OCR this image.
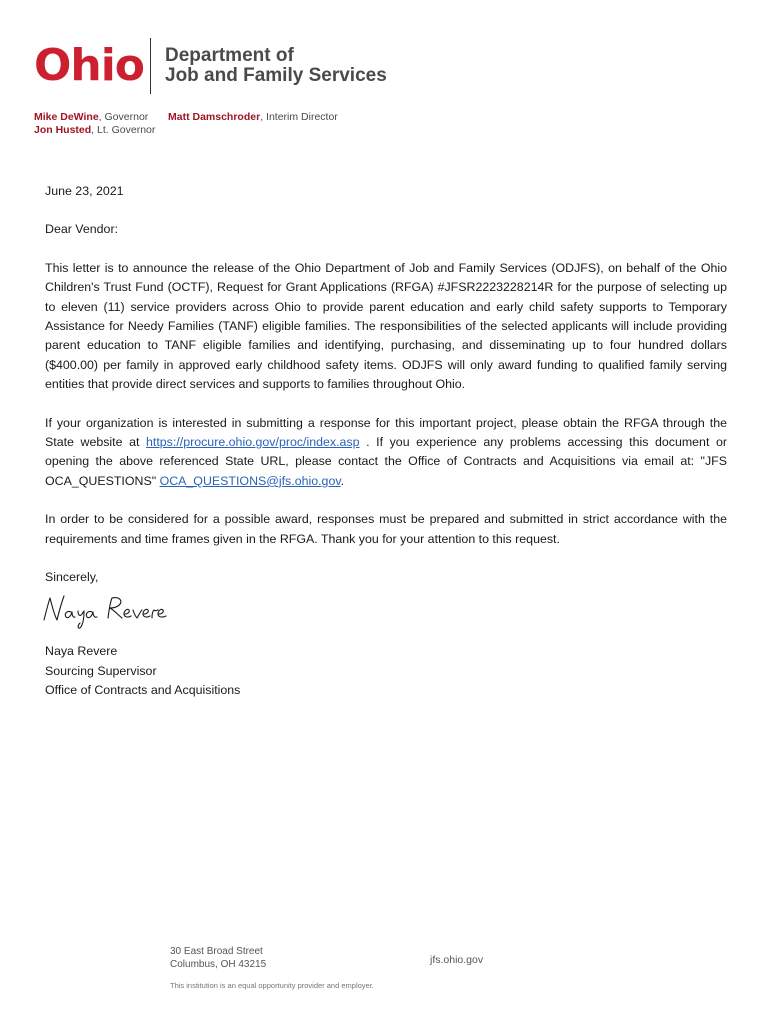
Ohio Department of
Job and Family Services
Mike DeWine, Governor
Jon Husted, Lt. Governor
Matt Damschroder, Interim Director

June 23, 2021

Dear Vendor:

This letter is to announce the release of the Ohio Department of Job and Family Services (ODJFS), on behalf of the Ohio Children's Trust Fund (OCTF), Request for Grant Applications (RFGA) #JFSR2223228214R for the purpose of selecting up to eleven (11) service providers across Ohio to provide parent education and early child safety supports to Temporary Assistance for Needy Families (TANF) eligible families. The responsibilities of the selected applicants will include providing parent education to TANF eligible families and identifying, purchasing, and disseminating up to four hundred dollars ($400.00) per family in approved early childhood safety items. ODJFS will only award funding to qualified family serving entities that provide direct services and supports to families throughout Ohio.

If your organization is interested in submitting a response for this important project, please obtain the RFGA through the State website at https://procure.ohio.gov/proc/index.asp . If you experience any problems accessing this document or opening the above referenced State URL, please contact the Office of Contracts and Acquisitions via email at: "JFS OCA_QUESTIONS" OCA_QUESTIONS@jfs.ohio.gov.

In order to be considered for a possible award, responses must be prepared and submitted in strict accordance with the requirements and time frames given in the RFGA. Thank you for your attention to this request.

Sincerely,

Naya Revere
Sourcing Supervisor
Office of Contracts and Acquisitions
30 East Broad Street
Columbus, OH 43215	jfs.ohio.gov
This institution is an equal opportunity provider and employer.
